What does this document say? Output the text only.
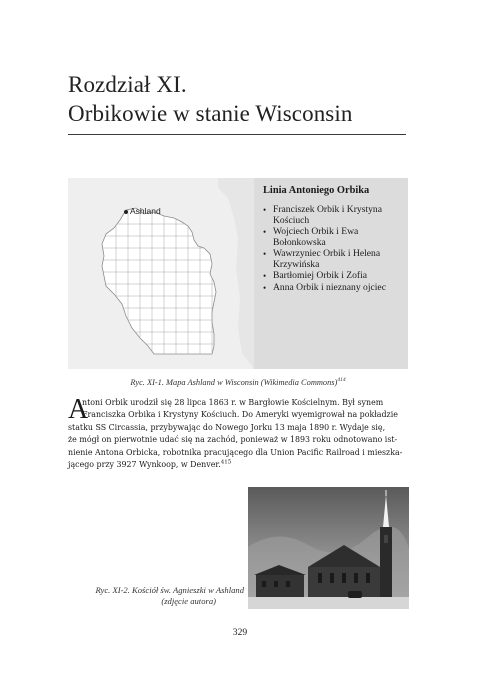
Rozdział XI.
Orbikowie w stanie Wisconsin
Ashland
Linia Antoniego Orbika
• Franciszek Orbik i Krystyna
Kościuch
• Wojciech Orbik i Ewa
Bołonkowska
• Wawrzyniec Orbik i Helena
Krzywińska
• Bartłomiej Orbik i Zofia
• Anna Orbik i nieznany ojciec
Ryc. XI-1. Mapa Ashland w Wisconsin (Wikimedia Commons)$^{414}$
A
ntoni Orbik urodził się 28 lipca 1863 r. w Bargłowie Kościelnym. Był synem
Franciszka Orbika i Krystyny Kościuch. Do Ameryki wyemigrował na pokładzie
statku SS Circassia, przybywając do Nowego Jorku 13 maja 1890 r. Wydaje się,
że mógł on pierwotnie udać się na zachód, ponieważ w 1893 roku odnotowano ist-
nienie Antona Orbicka, robotnika pracującego dla Union Pacific Railroad i mieszka-
jącego przy 3927 Wynkoop, w Denver.$^{415}$
Ryc. XI-2. Kościół św. Agnieszki w Ashland
(zdjęcie autora)
329
